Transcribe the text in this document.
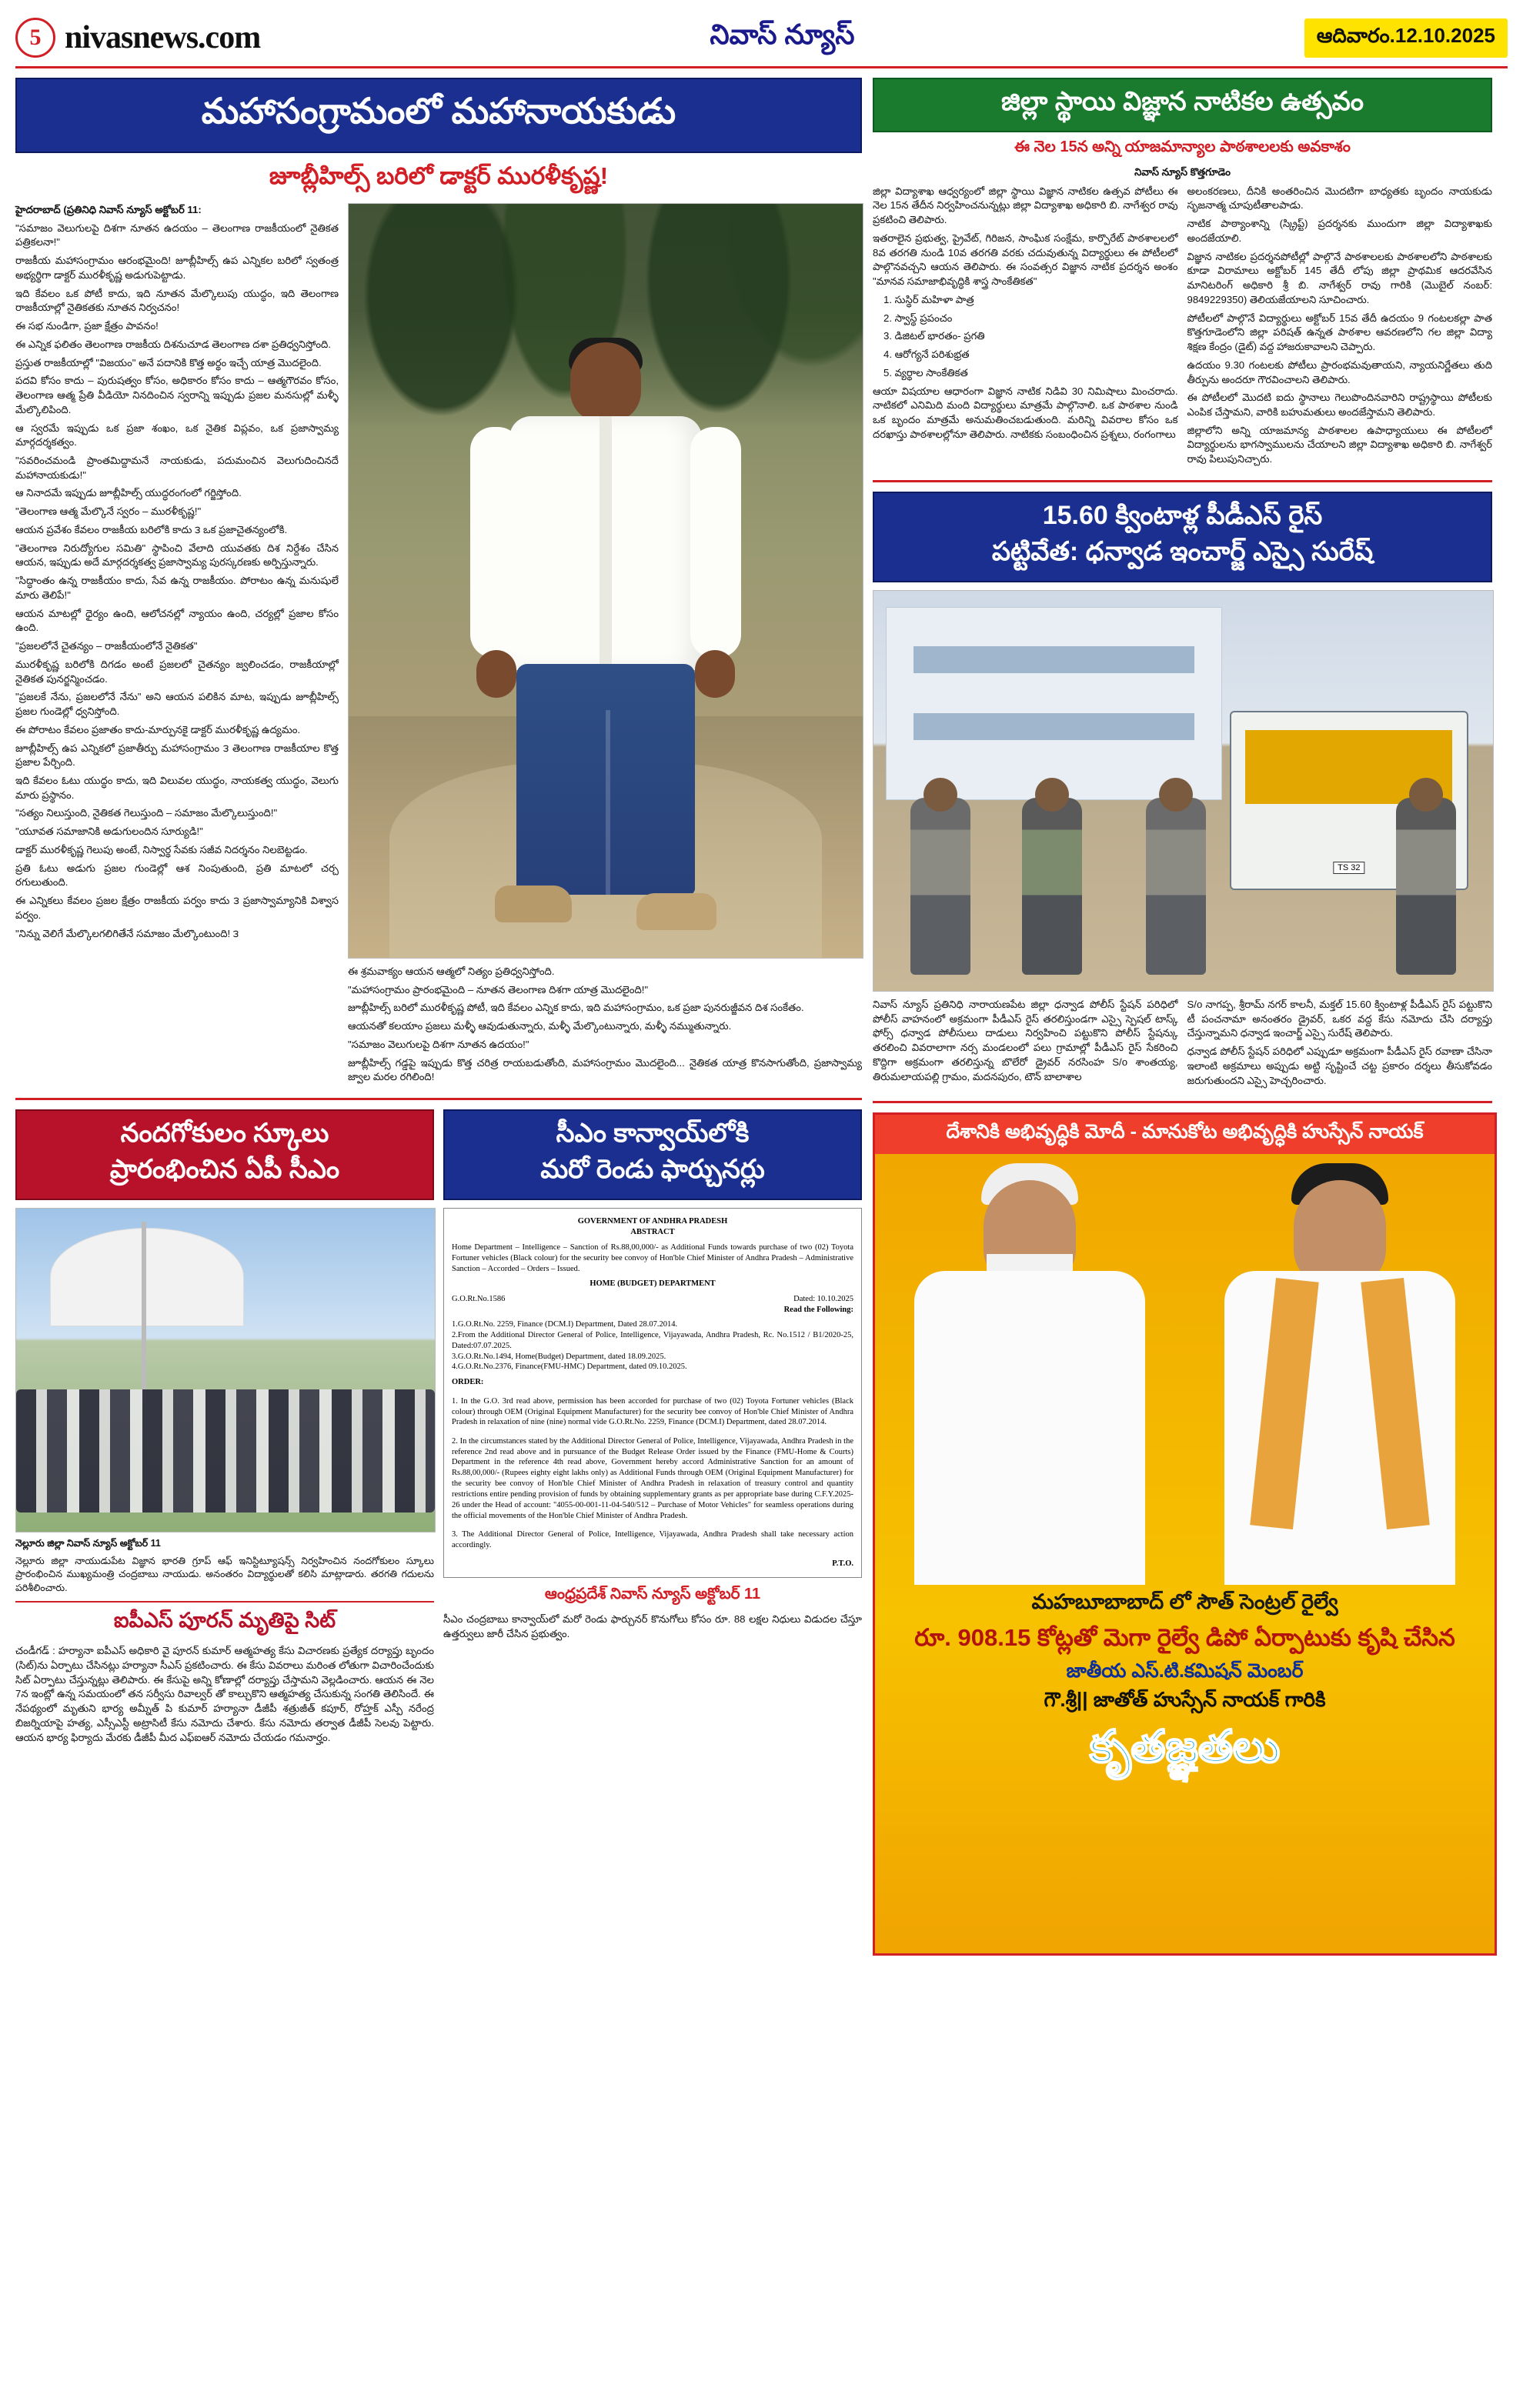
5 nivasnews.com	నివాస్ న్యూస్	ఆదివారం.12.10.2025
మహాసంగ్రామంలో మహానాయకుడు
జూబ్లీహిల్స్ బరిలో డాక్టర్ మురళీకృష్ణ!

హైదరాబాద్ (ప్రతినిధి నివాస్ న్యూస్ అక్టోబర్ 11:

"సమాజం వెలుగులపై దిశగా నూతన ఉదయం – తెలంగాణ రాజకీయంలో నైతికత పత్రికలనా!"

రాజకీయ మహాసంగ్రామం ఆరంభమైంది! జూబ్లీహిల్స్ ఉప ఎన్నికల బరిలో స్వతంత్ర అభ్యర్థిగా డాక్టర్ మురళీకృష్ణ అడుగుపెట్టాడు.

ఇది కేవలం ఒక పోటీ కాదు, ఇది నూతన మేల్కొలుపు యుద్ధం, ఇది తెలంగాణ రాజకీయాల్లో నైతికతకు నూతన నిర్వచనం!

ఈ సభ నుండిగా, ప్రజా క్షేత్రం పావనం!

ఈ ఎన్నిక ఫలితం తెలంగాణ రాజకీయ దిశనుచూడ తెలంగాణ దశా ప్రతిధ్వనిస్తోంది.

ప్రస్తుత రాజకీయాల్లో "విజయం" అనే పదానికి కొత్త అర్థం ఇచ్చే యాత్ర మొదలైంది.

పదవి కోసం కాదు – పురుషత్వం కోసం, అధికారం కోసం కాదు – ఆత్మగౌరవం కోసం, తెలంగాణ ఆత్మ ప్రేతి వీడియో నినదించిన స్వరాన్ని ఇప్పుడు ప్రజల మనసుల్లో మళ్ళీ మేల్కొలిపింది.

ఆ స్వరమే ఇప్పుడు ఒక ప్రజా శంఖం, ఒక నైతిక విప్లవం, ఒక ప్రజాస్వామ్య మార్గదర్శకత్వం.

"సవరించమండి ప్రాంతమిద్దామనే నాయకుడు, పదుమంచిన వెలుగుదించినదే మహానాయకుడు!"

ఆ నినాదమే ఇప్పుడు జూబ్లీహిల్స్ యుద్ధరంగంలో గర్జిస్తోంది.

"తెలంగాణ ఆత్మ మేల్కొనే స్వరం – మురళీకృష్ణ!"

ఆయన ప్రవేశం కేవలం రాజకీయ బరిలోకి కాదు ౩ ఒక ప్రజాచైతన్యంలోకి.

"తెలంగాణ నిరుద్యోగుల సమితి" స్థాపించి వేలాది యువతకు దిశ నిర్దేశం చేసిన ఆయన, ఇప్పుడు అదే మార్గదర్శకత్వ ప్రజాస్వామ్య పురస్కరణకు అర్పిస్తున్నారు.

"సిద్ధాంతం ఉన్న రాజకీయం కాదు, సేవ ఉన్న రాజకీయం. పోరాటం ఉన్న మనుషులే మారు తెలిపే!"

ఆయన మాటల్లో ధైర్యం ఉంది, ఆలోచనల్లో న్యాయం ఉంది, చర్యల్లో ప్రజాల కోసం ఉంది.

"ప్రజలలోనే చైతన్యం – రాజకీయంలోనే నైతికత"

మురళీకృష్ణ బరిలోకి దిగడం అంటే ప్రజలలో చైతన్యం జ్వలించడం, రాజకీయాల్లో నైతికత పునర్జన్మించడం.

"ప్రజలకే నేను, ప్రజలలోనే నేను" అని ఆయన పలికిన మాట, ఇప్పుడు జూబ్లీహిల్స్ ప్రజల గుండెల్లో ధ్వనిస్తోంది.

ఈ పోరాటం కేవలం ప్రజాతం కాదు-మార్పునకై డాక్టర్ మురళీకృష్ణ ఉద్యమం.

జూబ్లీహిల్స్ ఉప ఎన్నికలో ప్రజాతీర్పు మహాసంగ్రామం ౩ తెలంగాణ రాజకీయాల కొత్త ప్రజాల పేర్చింది.

ఇది కేవలం ఓటు యుద్ధం కాదు, ఇది విలువల యుద్ధం, నాయకత్వ యుద్ధం, వెలుగు మారు ప్రస్థానం.

"సత్యం నిలుస్తుంది, నైతికత గెలుస్తుంది – సమాజం మేల్కొలుస్తుంది!"

"యూవత సమాజానికి అడుగులందిన సూర్యుడి!"

డాక్టర్ మురళీకృష్ణ గెలుపు అంటే, నిస్వార్థ సేవకు సజీవ నిదర్శనం నిలబెట్టడం.

ప్రతి ఓటు అడుగు ప్రజల గుండెల్లో ఆశ నింపుతుంది, ప్రతి మాటలో చర్చ రగులుతుంది.

ఈ ఎన్నికలు కేవలం ప్రజల క్షేత్రం రాజకీయ పర్వం కాదు ౩ ప్రజాస్వామ్యానికి విశ్వాస పర్వం.

"నిన్ను వెలిగే మేల్కొలగలిగితేనే సమాజం మేల్కొంటుంది! ౩

ఈ శ్రమవాక్యం ఆయన ఆత్మలో నిత్యం ప్రతిధ్వనిస్తోంది.

"మహాసంగ్రామం ప్రారంభమైంది – నూతన తెలంగాణ దిశగా యాత్ర మొదలైంది!"

జూబ్లీహిల్స్ బరిలో మురళీకృష్ణ పోటీ, ఇది కేవలం ఎన్నిక కాదు, ఇది మహాసంగ్రామం, ఒక ప్రజా పునరుజ్జీవన దిశ సంకేతం.

ఆయనతో కలయాం ప్రజలు మళ్ళీ ఆవుడుతున్నారు, మళ్ళీ మేల్కొంటున్నారు, మళ్ళీ నమ్ముతున్నారు.

"సమాజం వెలుగులపై దిశగా నూతన ఉదయం!"

జూబ్లీహిల్స్ గడ్డపై ఇప్పుడు కొత్త చరిత్ర రాయబడుతోంది, మహాసంగ్రామం మొదలైంది... నైతికత యాత్ర కొనసాగుతోంది, ప్రజాస్వామ్య జ్వాల మరల రగిలింది!

నందగోకులం స్కూలు
ప్రారంభించిన ఏపీ సీఎం

నెల్లూరు జిల్లా నివాస్ న్యూస్ అక్టోబర్ 11

నెల్లూరు జిల్లా నాయుడుపేట విజ్ఞాన భారతి గ్రూప్ ఆఫ్ ఇనిస్టిట్యూషన్స్ నిర్వహించిన నందగోకులం స్కూలు ప్రారంభించిన ముఖ్యమంత్రి చంద్రబాబు నాయుడు. అనంతరం విద్యార్థులతో కలిసి మాట్లాడారు. తరగతి గదులను పరిశీలించారు.

ఐపీఎస్ పూరన్ మృతిపై సిట్

చండీగడ్ : హర్యానా ఐపీఎస్ అధికారి వై పూరన్ కుమార్ ఆత్మహత్య కేసు విచారణకు ప్రత్యేక దర్యాప్తు బృందం (సిట్)ను ఏర్పాటు చేసినట్లు హర్యానా సీఎస్ ప్రకటించారు. ఈ కేసు వివరాలు మరింత లోతుగా విచారించేందుకు సిట్ ఏర్పాటు చేస్తున్నట్లు తెలిపారు. ఈ కేసుపై అన్ని కోణాల్లో దర్యాప్తు చేస్తామని వెల్లడించారు. ఆయన ఈ నెల 7న ఇంట్లో ఉన్న సమయంలో తన సర్వీసు రివాల్వర్ తో కాల్చుకొని ఆత్మహత్య చేసుకున్న సంగతి తెలిసిందే. ఈ నేపథ్యంలో మృతుని భార్య అమ్నీత్ పి కుమార్ హర్యానా డీజీపీ శత్రుజీత్ కపూర్, రోహ్తక్ ఎస్పీ నరేంద్ర బిజర్నియాపై హత్య, ఎస్సీఎస్టీ అట్రాసిటీ కేసు నమోదు చేశారు. కేసు నమోదు తర్వాత డీజీపీ సెలవు పెట్టారు. ఆయన భార్య ఫిర్యాదు మేరకు డీజీపీ మీద ఎఫ్ఐఆర్ నమోదు చేయడం గమనార్హం.

సీఎం కాన్వాయ్‌లోకి
మరో రెండు ఫార్చునర్లు
GOVERNMENT OF ANDHRA PRADESH
ABSTRACT

Home Department – Intelligence – Sanction of Rs.88,00,000/- as Additional Funds towards purchase of two (02) Toyota Fortuner vehicles (Black colour) for the security bee convoy of Hon'ble Chief Minister of Andhra Pradesh – Administrative Sanction – Accorded – Orders – Issued.

HOME (BUDGET) DEPARTMENT
G.O.Rt.No.1586	Dated: 10.10.2025
Read the Following:
1.G.O.Rt.No. 2259, Finance (DCM.I) Department, Dated 28.07.2014.
2.From the Additional Director General of Police, Intelligence, Vijayawada, Andhra Pradesh, Rc. No.1512 / B1/2020-25, Dated:07.07.2025.
3.G.O.Rt.No.1494, Home(Budget) Department, dated 18.09.2025.
4.G.O.Rt.No.2376, Finance(FMU-HMC) Department, dated 09.10.2025.
ORDER:

1. In the G.O. 3rd read above, permission has been accorded for purchase of two (02) Toyota Fortuner vehicles (Black colour) through OEM (Original Equipment Manufacturer) for the security bee convoy of Hon'ble Chief Minister of Andhra Pradesh in relaxation of nine (nine) normal vide G.O.Rt.No. 2259, Finance (DCM.I) Department, dated 28.07.2014.

2. In the circumstances stated by the Additional Director General of Police, Intelligence, Vijayawada, Andhra Pradesh in the reference 2nd read above and in pursuance of the Budget Release Order issued by the Finance (FMU-Home & Courts) Department in the reference 4th read above, Government hereby accord Administrative Sanction for an amount of Rs.88,00,000/- (Rupees eighty eight lakhs only) as Additional Funds through OEM (Original Equipment Manufacturer) for the security bee convoy of Hon'ble Chief Minister of Andhra Pradesh in relaxation of treasury control and quantity restrictions entire pending provision of funds by obtaining supplementary grants as per appropriate base during C.F.Y.2025-26 under the Head of account: "4055-00-001-11-04-540/512 – Purchase of Motor Vehicles" for seamless operations during the official movements of the Hon'ble Chief Minister of Andhra Pradesh.

3. The Additional Director General of Police, Intelligence, Vijayawada, Andhra Pradesh shall take necessary action accordingly.

P.T.O.
ఆంధ్రప్రదేశ్ నివాస్ న్యూస్ అక్టోబర్ 11

సీఎం చంద్రబాబు కాన్వాయ్‌లో మరో రెండు ఫార్చునర్ కొనుగోలు కోసం రూ. 88 లక్షల నిధులు విడుదల చేస్తూ ఉత్తర్వులు జారీ చేసిన ప్రభుత్వం.

జిల్లా స్థాయి విజ్ఞాన నాటికల ఉత్సవం
ఈ నెల 15న అన్ని యాజమాన్యాల పాఠశాలలకు అవకాశం
నివాస్ న్యూస్ కొత్తగూడెం

జిల్లా విద్యాశాఖ ఆధ్వర్యంలో జిల్లా స్థాయి విజ్ఞాన నాటికల ఉత్సవ పోటీలు ఈ నెల 15న తేదీన నిర్వహించనున్నట్లు జిల్లా విద్యాశాఖ అధికారి బి. నాగేశ్వర రావు ప్రకటించి తెలిపారు.

ఇతరాలైన ప్రభుత్వ, ప్రైవేట్, గిరిజన, సాంఘిక సంక్షేమ, కార్పొరేట్ పాఠశాలలలో 8వ తరగతి నుండి 10వ తరగతి వరకు చదువుతున్న విద్యార్థులు ఈ పోటీలలో పాల్గొనవచ్చని ఆయన తెలిపారు. ఈ సంవత్సర విజ్ఞాన నాటిక ప్రదర్శన అంశం "మానవ సమాజాభివృద్ధికి శాస్త్ర సాంకేతికత"

1. సుస్థిర్ మహిళా పాత్ర

2. స్వాస్థ్ ప్రపంచం

3. డిజిటల్ భారతం- ప్రగతి

4. ఆరోగ్యనే పరిశుభ్రత

5. వ్యర్థాల సాంకేతికత

ఆయా విషయాల ఆధారంగా విజ్ఞాన నాటిక నిడివి 30 నిమిషాలు మించరాదు. నాటికలో ఎనిమిది మంది విద్యార్థులు మాత్రమే పాల్గొనాలి. ఒక పాఠశాల నుండి ఒక బృందం మాత్రమే అనుమతించబడుతుంది. మరిన్ని వివరాల కోసం ఒక దరఖాస్తు పాఠశాలల్లోనూ తెలిపారు. నాటికకు సంబంధించిన ప్రశ్నలు, రంగంగాలు

అలంకరణలు, దీనికి అంతరించిన మొదటిగా బాధ్యతకు బృందం నాయకుడు సృజనాత్మ చూపుటీతాలపాడు.

నాటిక పాఠ్యాంశాన్ని (స్క్రిప్ట్) ప్రదర్శనకు ముందుగా జిల్లా విద్యాశాఖకు అందజేయాలి.

విజ్ఞాన నాటికల ప్రదర్శనపోటీల్లో పాల్గొనే పాఠశాలలకు పాఠశాలలోని పాఠశాలకు కూడా విరామాలు అక్టోబర్ 145 తేదీ లోపు జిల్లా ప్రాథమిక ఆదరవేసిన మానిటరింగ్ అధికారి శ్రీ బి. నాగేశ్వర్ రావు గారికి (మొబైల్ నంబర్: 9849229350) తెలియజేయాలని సూచించారు.

పోటీలలో పాల్గొనే విద్యార్థులు అక్టోబర్ 15వ తేదీ ఉదయం 9 గంటలకల్లా పాత కొత్తగూడెంలోని జిల్లా పరిషత్ ఉన్నత పాఠశాల ఆవరణలోని గల జిల్లా విద్యా శిక్షణ కేంద్రం (డైట్) వద్ద హాజరుకావాలని చెప్పారు.

ఉదయం 9.30 గంటలకు పోటీలు ప్రారంభమవుతాయని, న్యాయనిర్ణేతలు తుది తీర్పును అందరూ గౌరవించాలని తెలిపారు.

ఈ పోటీలలో మొదటి ఐదు స్థానాలు గెలుపొందినవారిని రాష్ట్రస్థాయి పోటీలకు ఎంపిక చేస్తామని, వారికి బహుమతులు అందజేస్తామని తెలిపారు.

జిల్లాలోని అన్ని యాజమాన్య పాఠశాలల ఉపాధ్యాయులు ఈ పోటీలలో విద్యార్థులను భాగస్వాములను చేయాలని జిల్లా విద్యాశాఖ అధికారి బి. నాగేశ్వర్ రావు పిలుపునిచ్చారు.

15.60 క్వింటాళ్ల పీడీఎస్ రైస్
పట్టివేత: ధన్వాడ ఇంచార్జ్ ఎస్సై సురేష్
TS 32

నివాస్ న్యూస్ ప్రతినిధి నారాయణపేట జిల్లా ధన్వాడ పోలీస్ స్టేషన్ పరిధిలో పోలీస్ వాహనంలో అక్రమంగా పీడీఎస్ రైస్ తరలిస్తుండగా ఎస్సై స్పెషల్ టాస్క్ ఫోర్స్ ధన్వాడ పోలీసులు దాడులు నిర్వహించి పట్టుకొని పోలీస్ స్టేషన్కు తరలించి వివరాలాగా నర్స మండలంలో పలు గ్రామాల్లో పీడీఎస్ రైస్ సేకరించి కొద్దిగా అక్రమంగా తరలిస్తున్న బొలేరో డ్రైవర్ నరసింహ S/o శాంతయ్య, తిరుమలాయపల్లి గ్రామం, మదనపురం, టౌన్ బాలాశాల

S/o నాగప్ప, శ్రీరామ్ నగర్ కాలనీ, మక్తల్ 15.60 క్వింటాళ్ల పీడీఎస్ రైస్ పట్టుకొని టీ పంచనామా అనంతరం డ్రైవర్, ఒకర వద్ద కేసు నమోదు చేసి దర్యాప్తు చేస్తున్నామని ధన్వాడ ఇంచార్జ్ ఎస్సై సురేష్ తెలిపారు.

ధన్వాడ పోలీస్ స్టేషన్ పరిధిలో ఎప్పుడూ అక్రమంగా పీడీఎస్ రైస్ రవాణా చేసినా ఇలాంటి అక్రమాలు అప్పుడు అట్టి సృష్టించే చట్ట ప్రకారం దర్శలు తీసుకోవడం జరుగుతుందని ఎస్సై హెచ్చరించారు.

దేశానికి అభివృద్ధికి మోదీ - మానుకోట అభివృద్ధికి హుస్సేన్ నాయక్
మహబూబాబాద్ లో సౌత్ సెంట్రల్ రైల్వే
రూ. 908.15 కోట్లతో మెగా రైల్వే డిపో ఏర్పాటుకు కృషి చేసిన
జాతీయ ఎస్.టి.కమిషన్ మెంబర్
గౌ.శ్రీ|| జాతోత్ హుస్సేన్ నాయక్ గారికి
కృతజ్ఞతలు
